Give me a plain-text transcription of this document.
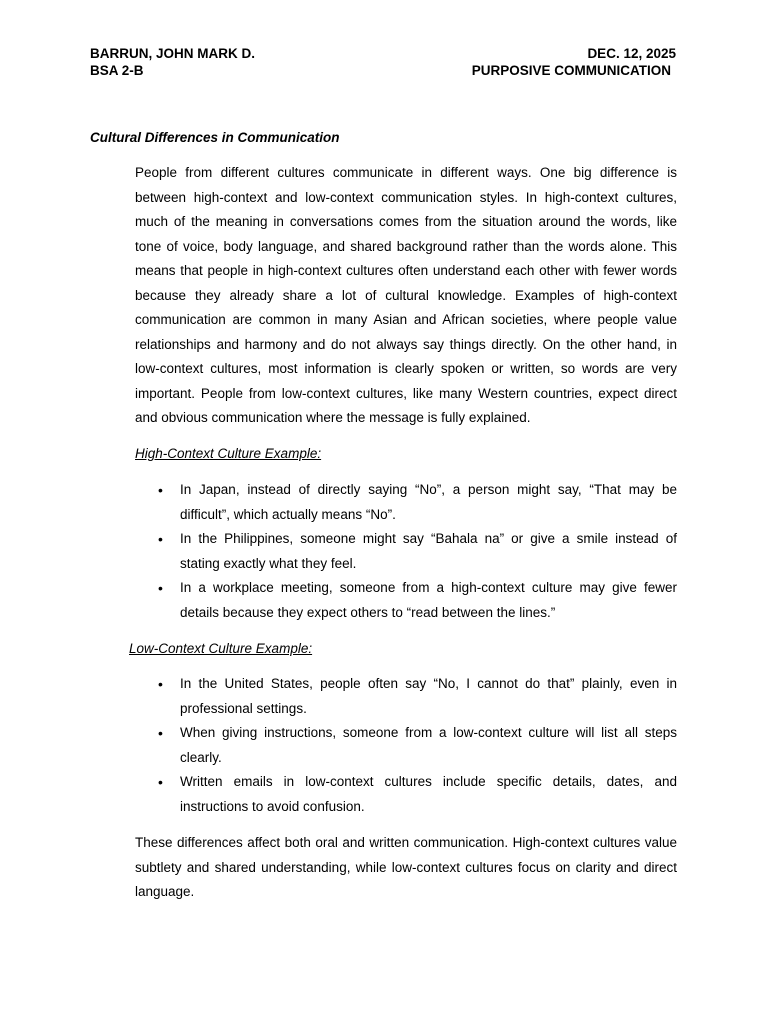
BARRUN, JOHN MARK D.	DEC. 12, 2025
BSA 2-B	PURPOSIVE COMMUNICATION
Cultural Differences in Communication

People from different cultures communicate in different ways. One big difference is between high-context and low-context communication styles. In high-context cultures, much of the meaning in conversations comes from the situation around the words, like tone of voice, body language, and shared background rather than the words alone. This means that people in high-context cultures often understand each other with fewer words because they already share a lot of cultural knowledge. Examples of high-context communication are common in many Asian and African societies, where people value relationships and harmony and do not always say things directly. On the other hand, in low-context cultures, most information is clearly spoken or written, so words are very important. People from low-context cultures, like many Western countries, expect direct and obvious communication where the message is fully explained.

High-Context Culture Example:

• In Japan, instead of directly saying “No”, a person might say, “That may be difficult”, which actually means “No”.
• In the Philippines, someone might say “Bahala na” or give a smile instead of stating exactly what they feel.
• In a workplace meeting, someone from a high-context culture may give fewer details because they expect others to “read between the lines.”

Low-Context Culture Example:

• In the United States, people often say “No, I cannot do that” plainly, even in professional settings.
• When giving instructions, someone from a low-context culture will list all steps clearly.
• Written emails in low-context cultures include specific details, dates, and instructions to avoid confusion.

These differences affect both oral and written communication. High-context cultures value subtlety and shared understanding, while low-context cultures focus on clarity and direct language.
